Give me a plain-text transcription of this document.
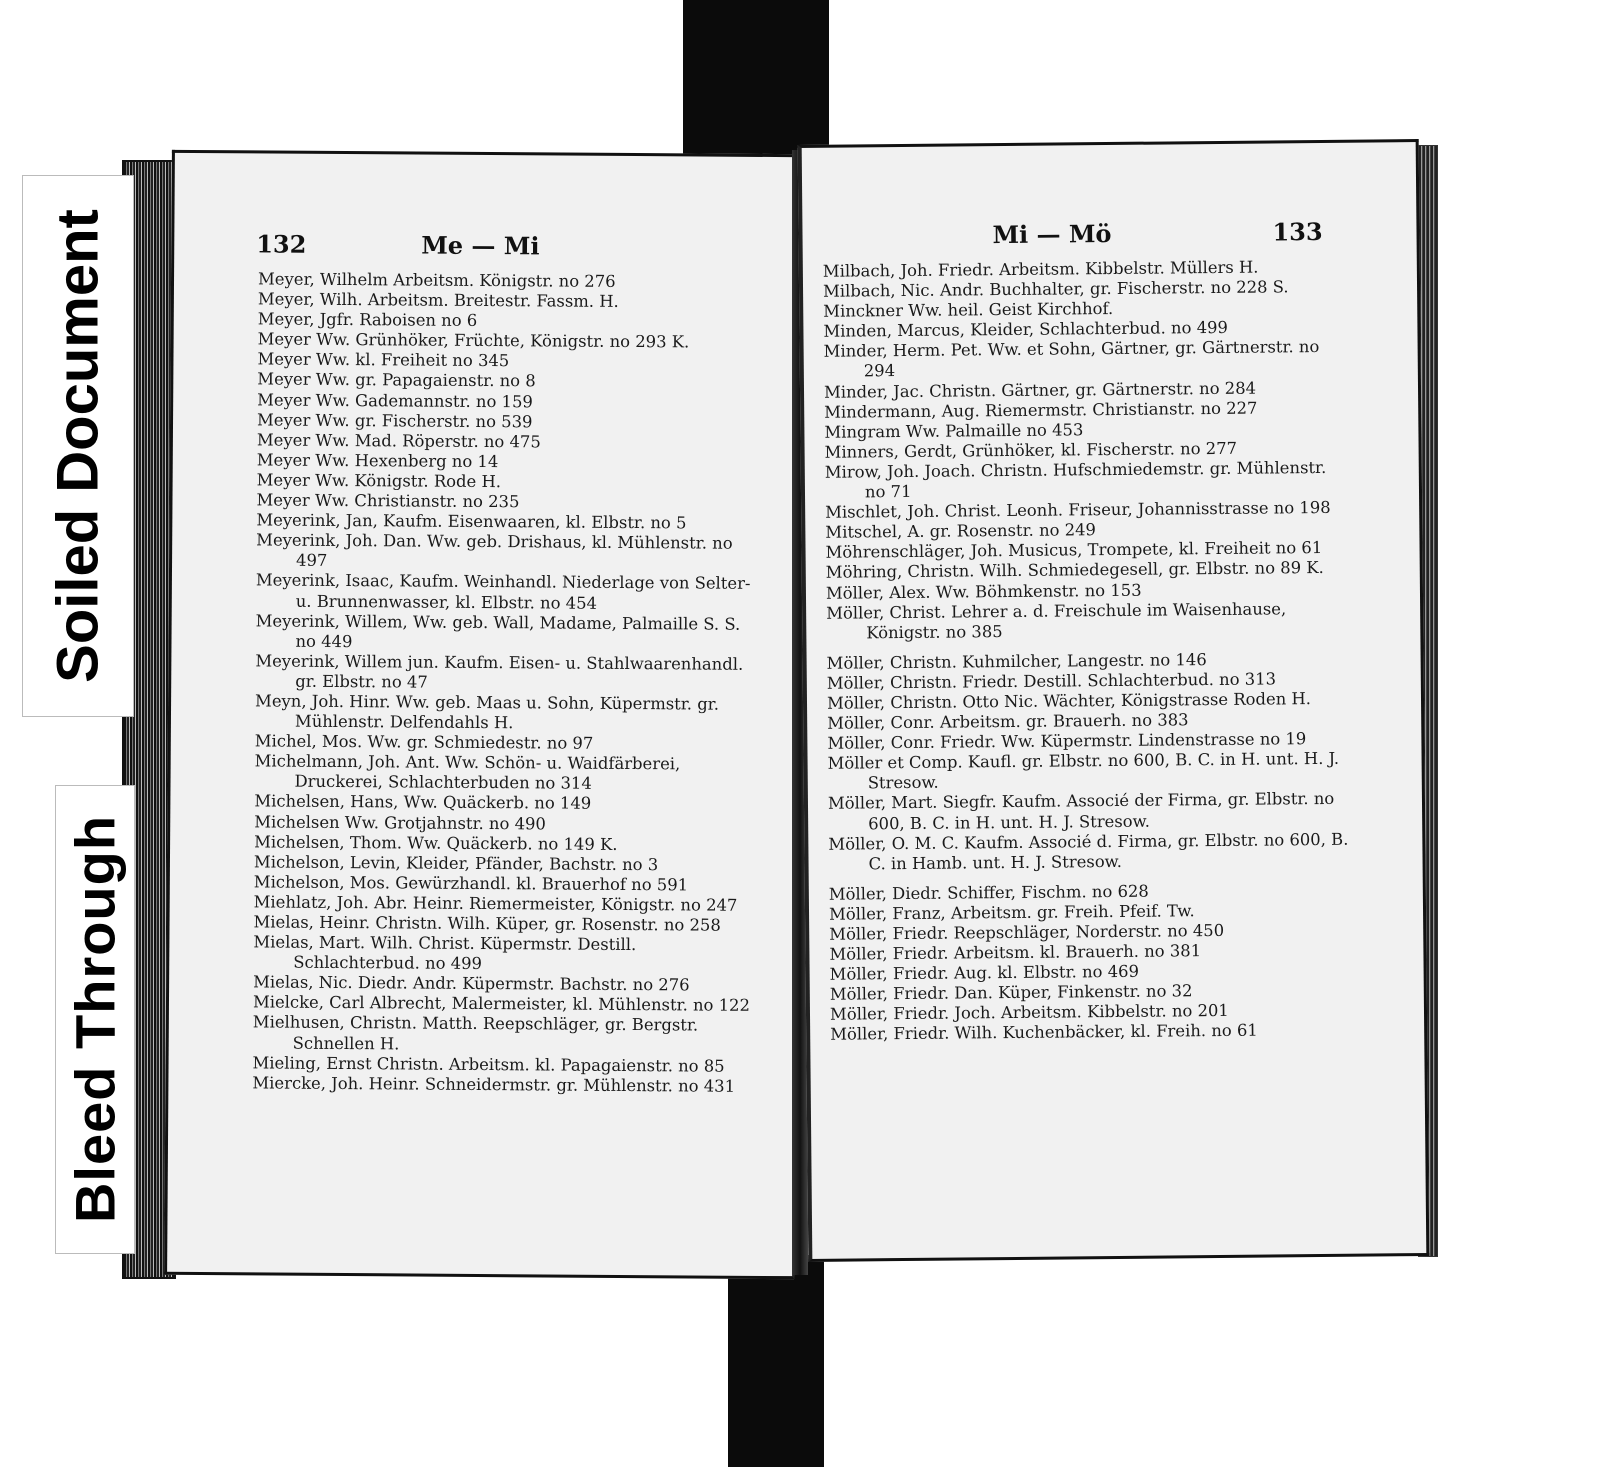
132	Me — Mi
Meyer, Wilhelm Arbeitsm. Königstr. no 276
Meyer, Wilh. Arbeitsm. Breitestr. Fassm. H.
Meyer, Jgfr. Raboisen no 6
Meyer Ww. Grünhöker, Früchte, Königstr. no 293 K.
Meyer Ww. kl. Freiheit no 345
Meyer Ww. gr. Papagaienstr. no 8
Meyer Ww. Gademannstr. no 159
Meyer Ww. gr. Fischerstr. no 539
Meyer Ww. Mad. Röperstr. no 475
Meyer Ww. Hexenberg no 14
Meyer Ww. Königstr. Rode H.
Meyer Ww. Christianstr. no 235
Meyerink, Jan, Kaufm. Eisenwaaren, kl. Elbstr. no 5
Meyerink, Joh. Dan. Ww. geb. Drishaus, kl. Mühlenstr. no 497
Meyerink, Isaac, Kaufm. Weinhandl. Niederlage von Selter- u. Brunnenwasser, kl. Elbstr. no 454
Meyerink, Willem, Ww. geb. Wall, Madame, Palmaille S. S. no 449
Meyerink, Willem jun. Kaufm. Eisen- u. Stahlwaarenhandl. gr. Elbstr. no 47
Meyn, Joh. Hinr. Ww. geb. Maas u. Sohn, Küpermstr. gr. Mühlenstr. Delfendahls H.
Michel, Mos. Ww. gr. Schmiedestr. no 97
Michelmann, Joh. Ant. Ww. Schön- u. Waidfärberei, Druckerei, Schlachterbuden no 314
Michelsen, Hans, Ww. Quäckerb. no 149
Michelsen Ww. Grotjahnstr. no 490
Michelsen, Thom. Ww. Quäckerb. no 149 K.
Michelson, Levin, Kleider, Pfänder, Bachstr. no 3
Michelson, Mos. Gewürzhandl. kl. Brauerhof no 591
Miehlatz, Joh. Abr. Heinr. Riemermeister, Königstr. no 247
Mielas, Heinr. Christn. Wilh. Küper, gr. Rosenstr. no 258
Mielas, Mart. Wilh. Christ. Küpermstr. Destill. Schlachterbud. no 499
Mielas, Nic. Diedr. Andr. Küpermstr. Bachstr. no 276
Mielcke, Carl Albrecht, Malermeister, kl. Mühlenstr. no 122
Mielhusen, Christn. Matth. Reepschläger, gr. Bergstr. Schnellen H.
Mieling, Ernst Christn. Arbeitsm. kl. Papagaienstr. no 85
Miercke, Joh. Heinr. Schneidermstr. gr. Mühlenstr. no 431
Mi — Mö	133
Milbach, Joh. Friedr. Arbeitsm. Kibbelstr. Müllers H.
Milbach, Nic. Andr. Buchhalter, gr. Fischerstr. no 228 S.
Minckner Ww. heil. Geist Kirchhof.
Minden, Marcus, Kleider, Schlachterbud. no 499
Minder, Herm. Pet. Ww. et Sohn, Gärtner, gr. Gärtnerstr. no 294
Minder, Jac. Christn. Gärtner, gr. Gärtnerstr. no 284
Mindermann, Aug. Riemermstr. Christianstr. no 227
Mingram Ww. Palmaille no 453
Minners, Gerdt, Grünhöker, kl. Fischerstr. no 277
Mirow, Joh. Joach. Christn. Hufschmiedemstr. gr. Mühlenstr. no 71
Mischlet, Joh. Christ. Leonh. Friseur, Johannisstrasse no 198
Mitschel, A. gr. Rosenstr. no 249
Möhrenschläger, Joh. Musicus, Trompete, kl. Freiheit no 61
Möhring, Christn. Wilh. Schmiedegesell, gr. Elbstr. no 89 K.
Möller, Alex. Ww. Böhmkenstr. no 153
Möller, Christ. Lehrer a. d. Freischule im Waisenhause, Königstr. no 385
Möller, Christn. Kuhmilcher, Langestr. no 146
Möller, Christn. Friedr. Destill. Schlachterbud. no 313
Möller, Christn. Otto Nic. Wächter, Königstrasse Roden H.
Möller, Conr. Arbeitsm. gr. Brauerh. no 383
Möller, Conr. Friedr. Ww. Küpermstr. Lindenstrasse no 19
Möller et Comp. Kaufl. gr. Elbstr. no 600, B. C. in H. unt. H. J. Stresow.
Möller, Mart. Siegfr. Kaufm. Associé der Firma, gr. Elbstr. no 600, B. C. in H. unt. H. J. Stresow.
Möller, O. M. C. Kaufm. Associé d. Firma, gr. Elbstr. no 600, B. C. in Hamb. unt. H. J. Stresow.
Möller, Diedr. Schiffer, Fischm. no 628
Möller, Franz, Arbeitsm. gr. Freih. Pfeif. Tw.
Möller, Friedr. Reepschläger, Norderstr. no 450
Möller, Friedr. Arbeitsm. kl. Brauerh. no 381
Möller, Friedr. Aug. kl. Elbstr. no 469
Möller, Friedr. Dan. Küper, Finkenstr. no 32
Möller, Friedr. Joch. Arbeitsm. Kibbelstr. no 201
Möller, Friedr. Wilh. Kuchenbäcker, kl. Freih. no 61
Soiled Document
Bleed Through
